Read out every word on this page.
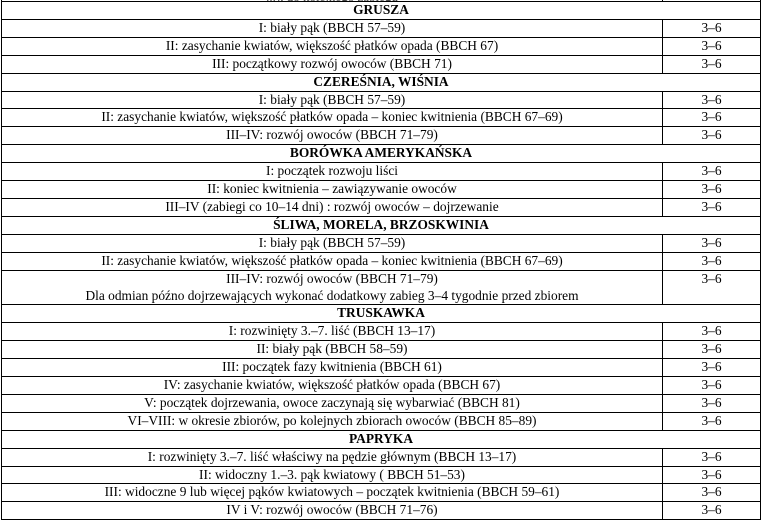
GRUSZA	

I: biały pąk (BBCH 57–59)	3–6

II: zasychanie kwiatów, większość płatków opada (BBCH 67)	3–6

III: początkowy rozwój owoców (BBCH 71)	3–6
CZEREŚNIA, WIŚNIA	

I: biały pąk (BBCH 57–59)	3–6

II: zasychanie kwiatów, większość płatków opada – koniec kwitnienia (BBCH 67–69)	3–6

III–IV: rozwój owoców (BBCH 71–79)	3–6
BORÓWKA AMERYKAŃSKA	

I: początek rozwoju liści	3–6

II: koniec kwitnienia – zawiązywanie owoców	3–6

III–IV (zabiegi co 10–14 dni) : rozwój owoców – dojrzewanie	3–6
ŚLIWA, MORELA, BRZOSKWINIA	

I: biały pąk (BBCH 57–59)	3–6

II: zasychanie kwiatów, większość płatków opada – koniec kwitnienia (BBCH 67–69)	3–6

III–IV: rozwój owoców (BBCH 71–79)
Dla odmian późno dojrzewających wykonać dodatkowy zabieg 3–4 tygodnie przed zbiorem	3–6
TRUSKAWKA	

I: rozwinięty 3.–7. liść (BBCH 13–17)	3–6

II: biały pąk (BBCH 58–59)	3–6

III: początek fazy kwitnienia (BBCH 61)	3–6

IV: zasychanie kwiatów, większość płatków opada (BBCH 67)	3–6

V: początek dojrzewania, owoce zaczynają się wybarwiać (BBCH 81)	3–6

VI–VIII: w okresie zbiorów, po kolejnych zbiorach owoców (BBCH 85–89)	3–6
PAPRYKA	

I: rozwinięty 3.–7. liść właściwy na pędzie głównym (BBCH 13–17)	3–6

II: widoczny 1.–3. pąk kwiatowy ( BBCH 51–53)	3–6

III: widoczne 9 lub więcej pąków kwiatowych – początek kwitnienia (BBCH 59–61)	3–6

IV i V: rozwój owoców (BBCH 71–76)	3–6
